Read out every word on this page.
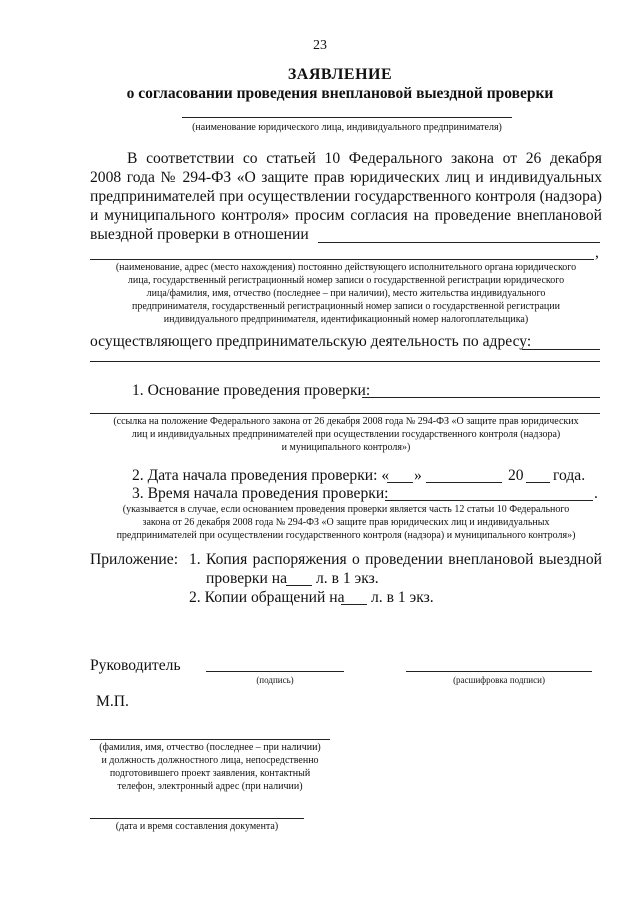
23
ЗАЯВЛЕНИЕ
о согласовании проведения внеплановой выездной проверки
(наименование юридического лица, индивидуального предпринимателя)
В соответствии со статьей 10 Федерального закона от 26 декабря
2008 года № 294-ФЗ «О защите прав юридических лиц и индивидуальных
предпринимателей при осуществлении государственного контроля (надзора)
и муниципального контроля» просим согласия на проведение внеплановой
выездной проверки в отношении
,
(наименование, адрес (место нахождения) постоянно действующего исполнительного органа юридического
лица, государственный регистрационный номер записи о государственной регистрации юридического
лица/фамилия, имя, отчество (последнее – при наличии), место жительства индивидуального
предпринимателя, государственный регистрационный номер записи о государственной регистрации
индивидуального предпринимателя, идентификационный номер налогоплательщика)
осуществляющего предпринимательскую деятельность по адресу:
1. Основание проведения проверки:
(ссылка на положение Федерального закона от 26 декабря 2008 года № 294-ФЗ «О защите прав юридических
лиц и индивидуальных предпринимателей при осуществлении государственного контроля (надзора)
и муниципального контроля»)
2. Дата начала проведения проверки: « »	20 года.
3. Время начала проведения проверки:	.
(указывается в случае, если основанием проведения проверки является часть 12 статьи 10 Федерального
закона от 26 декабря 2008 года № 294-ФЗ «О защите прав юридических лиц и индивидуальных
предпринимателей при осуществлении государственного контроля (надзора) и муниципального контроля»)
Приложение: 1. Копия распоряжения о проведении внеплановой выездной
проверки на л. в 1 экз.
2. Копии обращений на л. в 1 экз.
Руководитель
(подпись)	(расшифровка подписи)
М.П.
(фамилия, имя, отчество (последнее – при наличии)
и должность должностного лица, непосредственно
подготовившего проект заявления, контактный
телефон, электронный адрес (при наличии)
(дата и время составления документа)
